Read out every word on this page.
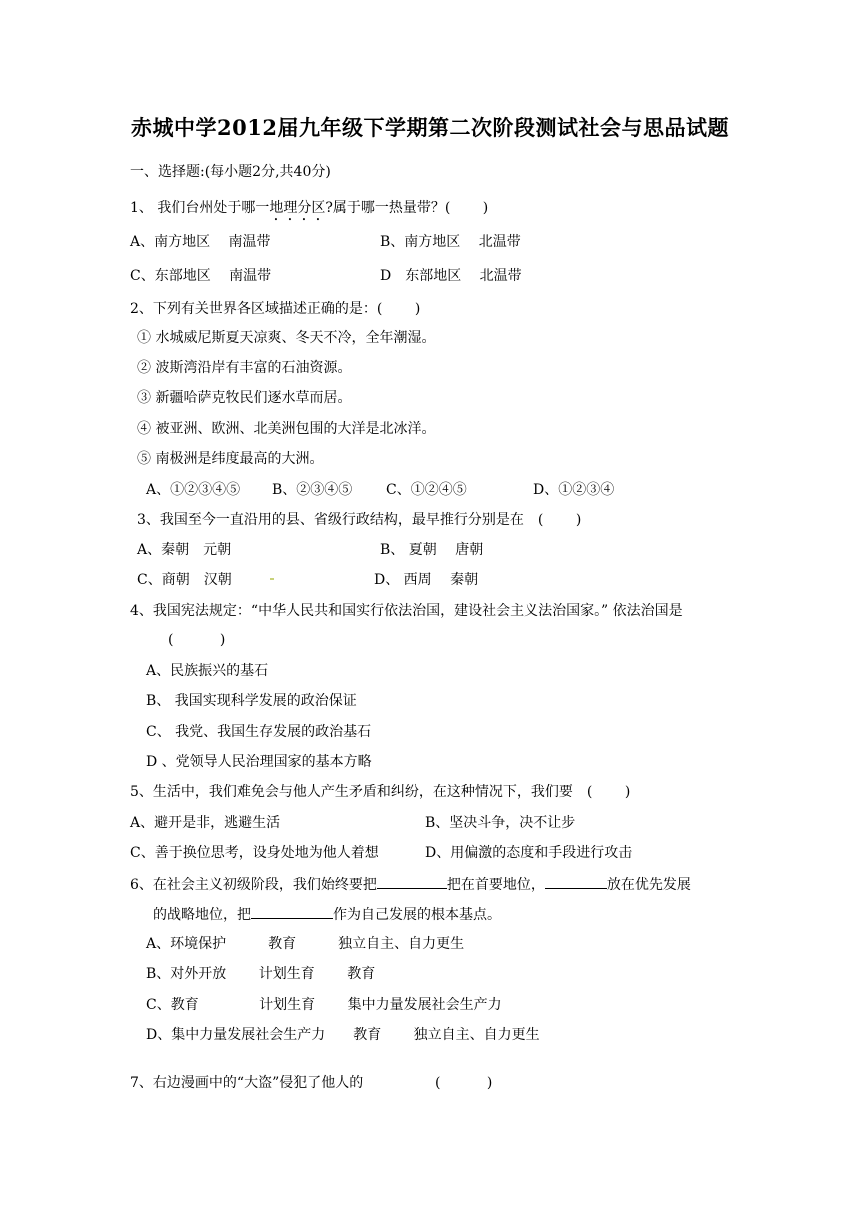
赤城中学2012届九年级下学期第二次阶段测试社会与思品试题
一、选择题:(每小题2分,共40分)
1、 我们台州处于哪一地理分区?属于哪一热量带？(　　 )
A、南方地区　 南温带	B、南方地区　 北温带
C、东部地区　 南温带	D　东部地区　 北温带
2、下列有关世界各区域描述正确的是：(　　 )
① 水城威尼斯夏天凉爽、冬天不冷，全年潮湿。
② 波斯湾沿岸有丰富的石油资源。
③ 新疆哈萨克牧民们逐水草而居。
④ 被亚洲、欧洲、北美洲包围的大洋是北冰洋。
⑤ 南极洲是纬度最高的大洲。
A、①②③④⑤ B、②③④⑤ C、①②④⑤	D、①②③④
3、我国至今一直沿用的县、省级行政结构，最早推行分别是在　(　　 )
A、秦朝　元朝	B、 夏朝　 唐朝
C、商朝　汉朝	D、 西周　 秦朝
4、我国宪法规定：“中华人民共和国实行依法治国，建设社会主义法治国家。” 依法治国是
(　　　 )
A、民族振兴的基石
B、 我国实现科学发展的政治保证
C、 我党、我国生存发展的政治基石
D 、党领导人民治理国家的基本方略
5、生活中，我们难免会与他人产生矛盾和纠纷，在这种情况下，我们要　(　　 )
A、避开是非，逃避生活	B、坚决斗争，决不让步
C、善于换位思考，设身处地为他人着想	D、用偏激的态度和手段进行攻击
6、在社会主义初级阶段，我们始终要把	把在首要地位，	放在优先发展
的战略地位，把	作为自己发展的根本基点。
A、环境保护　　　教育　　　独立自主、自力更生
B、对外开放　　 计划生育　　 教育
C、教育　　　　 计划生育　　 集中力量发展社会生产力
D、集中力量发展社会生产力　　教育　　 独立自主、自力更生
7、右边漫画中的“大盗”侵犯了他人的	(　　　 )
